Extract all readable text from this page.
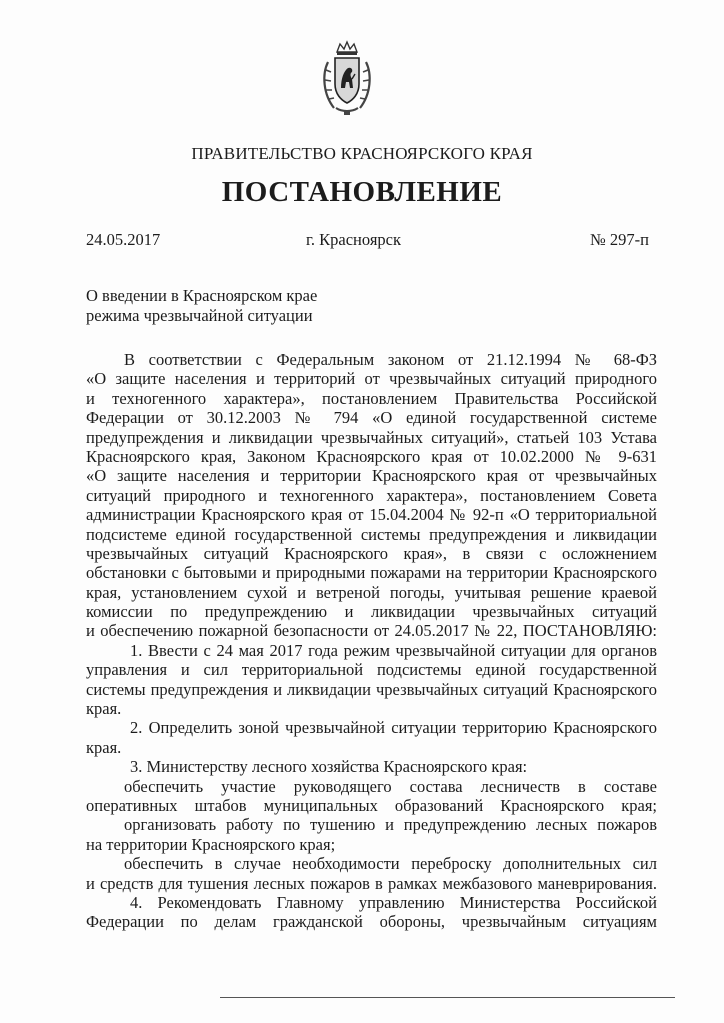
ПРАВИТЕЛЬСТВО КРАСНОЯРСКОГО КРАЯ
ПОСТАНОВЛЕНИЕ
24.05.2017	г. Красноярск	№ 297-п
О введении в Красноярском крае
режима чрезвычайной ситуации
В соответствии с Федеральным законом от 21.12.1994 № 68-ФЗ
«О защите населения и территорий от чрезвычайных ситуаций природного
и техногенного характера», постановлением Правительства Российской
Федерации от 30.12.2003 № 794 «О единой государственной системе
предупреждения и ликвидации чрезвычайных ситуаций», статьей 103 Устава
Красноярского края, Законом Красноярского края от 10.02.2000 № 9-631
«О защите населения и территории Красноярского края от чрезвычайных
ситуаций природного и техногенного характера», постановлением Совета
администрации Красноярского края от 15.04.2004 № 92-п «О территориальной
подсистеме единой государственной системы предупреждения и ликвидации
чрезвычайных ситуаций Красноярского края», в связи с осложнением
обстановки с бытовыми и природными пожарами на территории Красноярского
края, установлением сухой и ветреной погоды, учитывая решение краевой
комиссии по предупреждению и ликвидации чрезвычайных ситуаций
и обеспечению пожарной безопасности от 24.05.2017 № 22, ПОСТАНОВЛЯЮ:
1. Ввести с 24 мая 2017 года режим чрезвычайной ситуации для органов
управления и сил территориальной подсистемы единой государственной
системы предупреждения и ликвидации чрезвычайных ситуаций Красноярского
края.
2. Определить зоной чрезвычайной ситуации территорию Красноярского
края.
3. Министерству лесного хозяйства Красноярского края:
обеспечить участие руководящего состава лесничеств в составе
оперативных штабов муниципальных образований Красноярского края;
организовать работу по тушению и предупреждению лесных пожаров
на территории Красноярского края;
обеспечить в случае необходимости переброску дополнительных сил
и средств для тушения лесных пожаров в рамках межбазового маневрирования.
4. Рекомендовать Главному управлению Министерства Российской
Федерации по делам гражданской обороны, чрезвычайным ситуациям
